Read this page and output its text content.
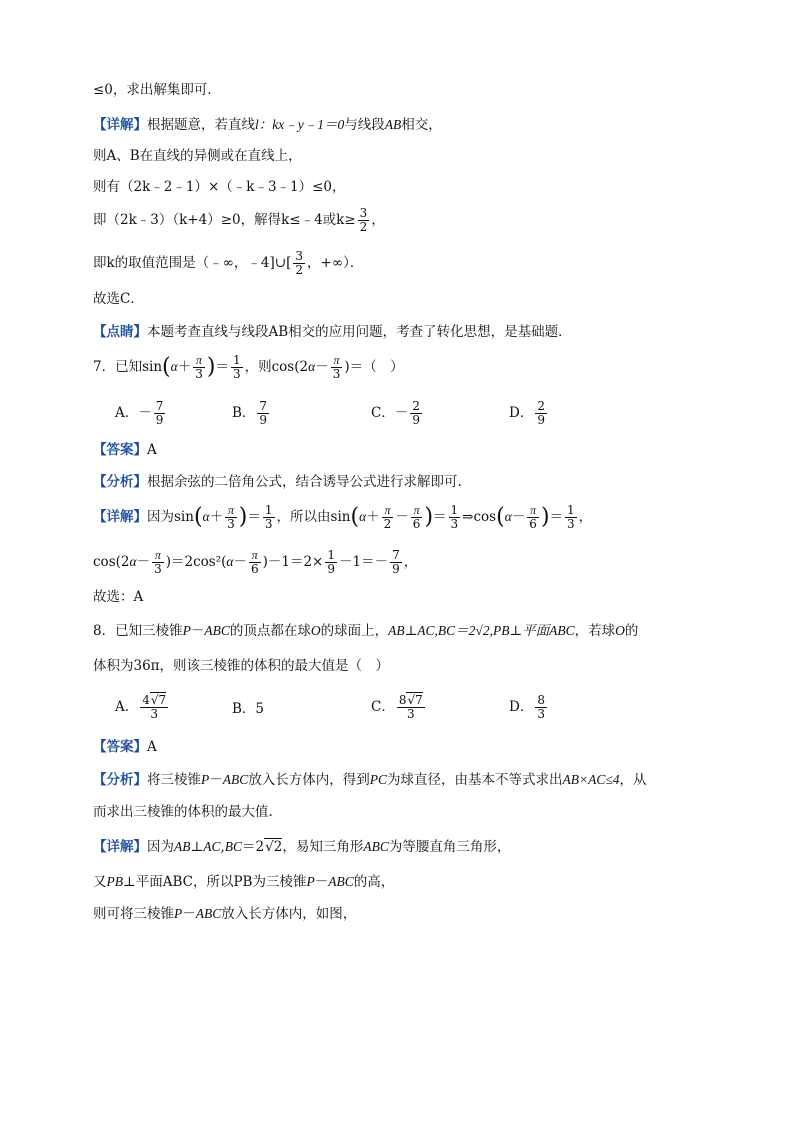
≤0，求出解集即可．
【详解】根据题意，若直线l：kx﹣y﹣1＝0与线段AB相交，
则A、B在直线的异侧或在直线上，
则有（2k﹣2﹣1）×（﹣k﹣3﹣1）≤0，
即（2k﹣3）（k+4）≥0，解得k≤﹣4或$k\ge \frac{3}{2}$ ，
即k的取值范围是（﹣∞，﹣4]∪[ $\frac{3}{2}$ ，+∞）．
故选C．
【点睛】本题考查直线与线段AB相交的应用问题，考查了转化思想，是基础题．
7．已知$\sin(\alpha+ \frac{\pi}{3}$ )＝ $\frac{1}{3}$ ，则$\cos(2\alpha- \frac{\pi}{3}$ )＝（　）
A．－ $\frac{7}{9}$	B． $\frac{7}{9}$	C．－ $\frac{2}{9}$	D． $\frac{2}{9}$
【答案】A
【分析】根据余弦的二倍角公式，结合诱导公式进行求解即可.
【详解】因为$\sin(\alpha+ \frac{\pi}{3}$ )＝ $\frac{1}{3}$ ，所以由$\sin(\alpha+ \frac{\pi}{2} - \frac{\pi}{6}$ )＝ $\frac{1}{3}$ ⇒cos(α－ $\frac{\pi}{6}$ )＝ $\frac{1}{3}$ ，
$\cos(2\alpha- \frac{\pi}{3} )=2\cos^2(\alpha- \frac{\pi}{6} )-1=2\times \frac{1}{9} -1=- \frac{7}{9}$ ，
故选：A
8．已知三棱锥P－ABC的顶点都在球O的球面上，AB⊥AC,BC＝2√2,PB⊥平面ABC，若球O的
体积为36π，则该三棱锥的体积的最大值是（　）
A． $\frac{4√7}{3}$	B．5	C． $\frac{8√7}{3}$	D． $\frac{8}{3}$
【答案】A
【分析】将三棱锥P－ABC放入长方体内，得到PC为球直径，由基本不等式求出AB×AC≤4，从
而求出三棱锥的体积的最大值.
【详解】因为AB⊥AC,BC＝2√2，易知三角形ABC为等腰直角三角形，
又PB⊥平面ABC，所以PB为三棱锥P－ABC的高，
则可将三棱锥P－ABC放入长方体内，如图，
